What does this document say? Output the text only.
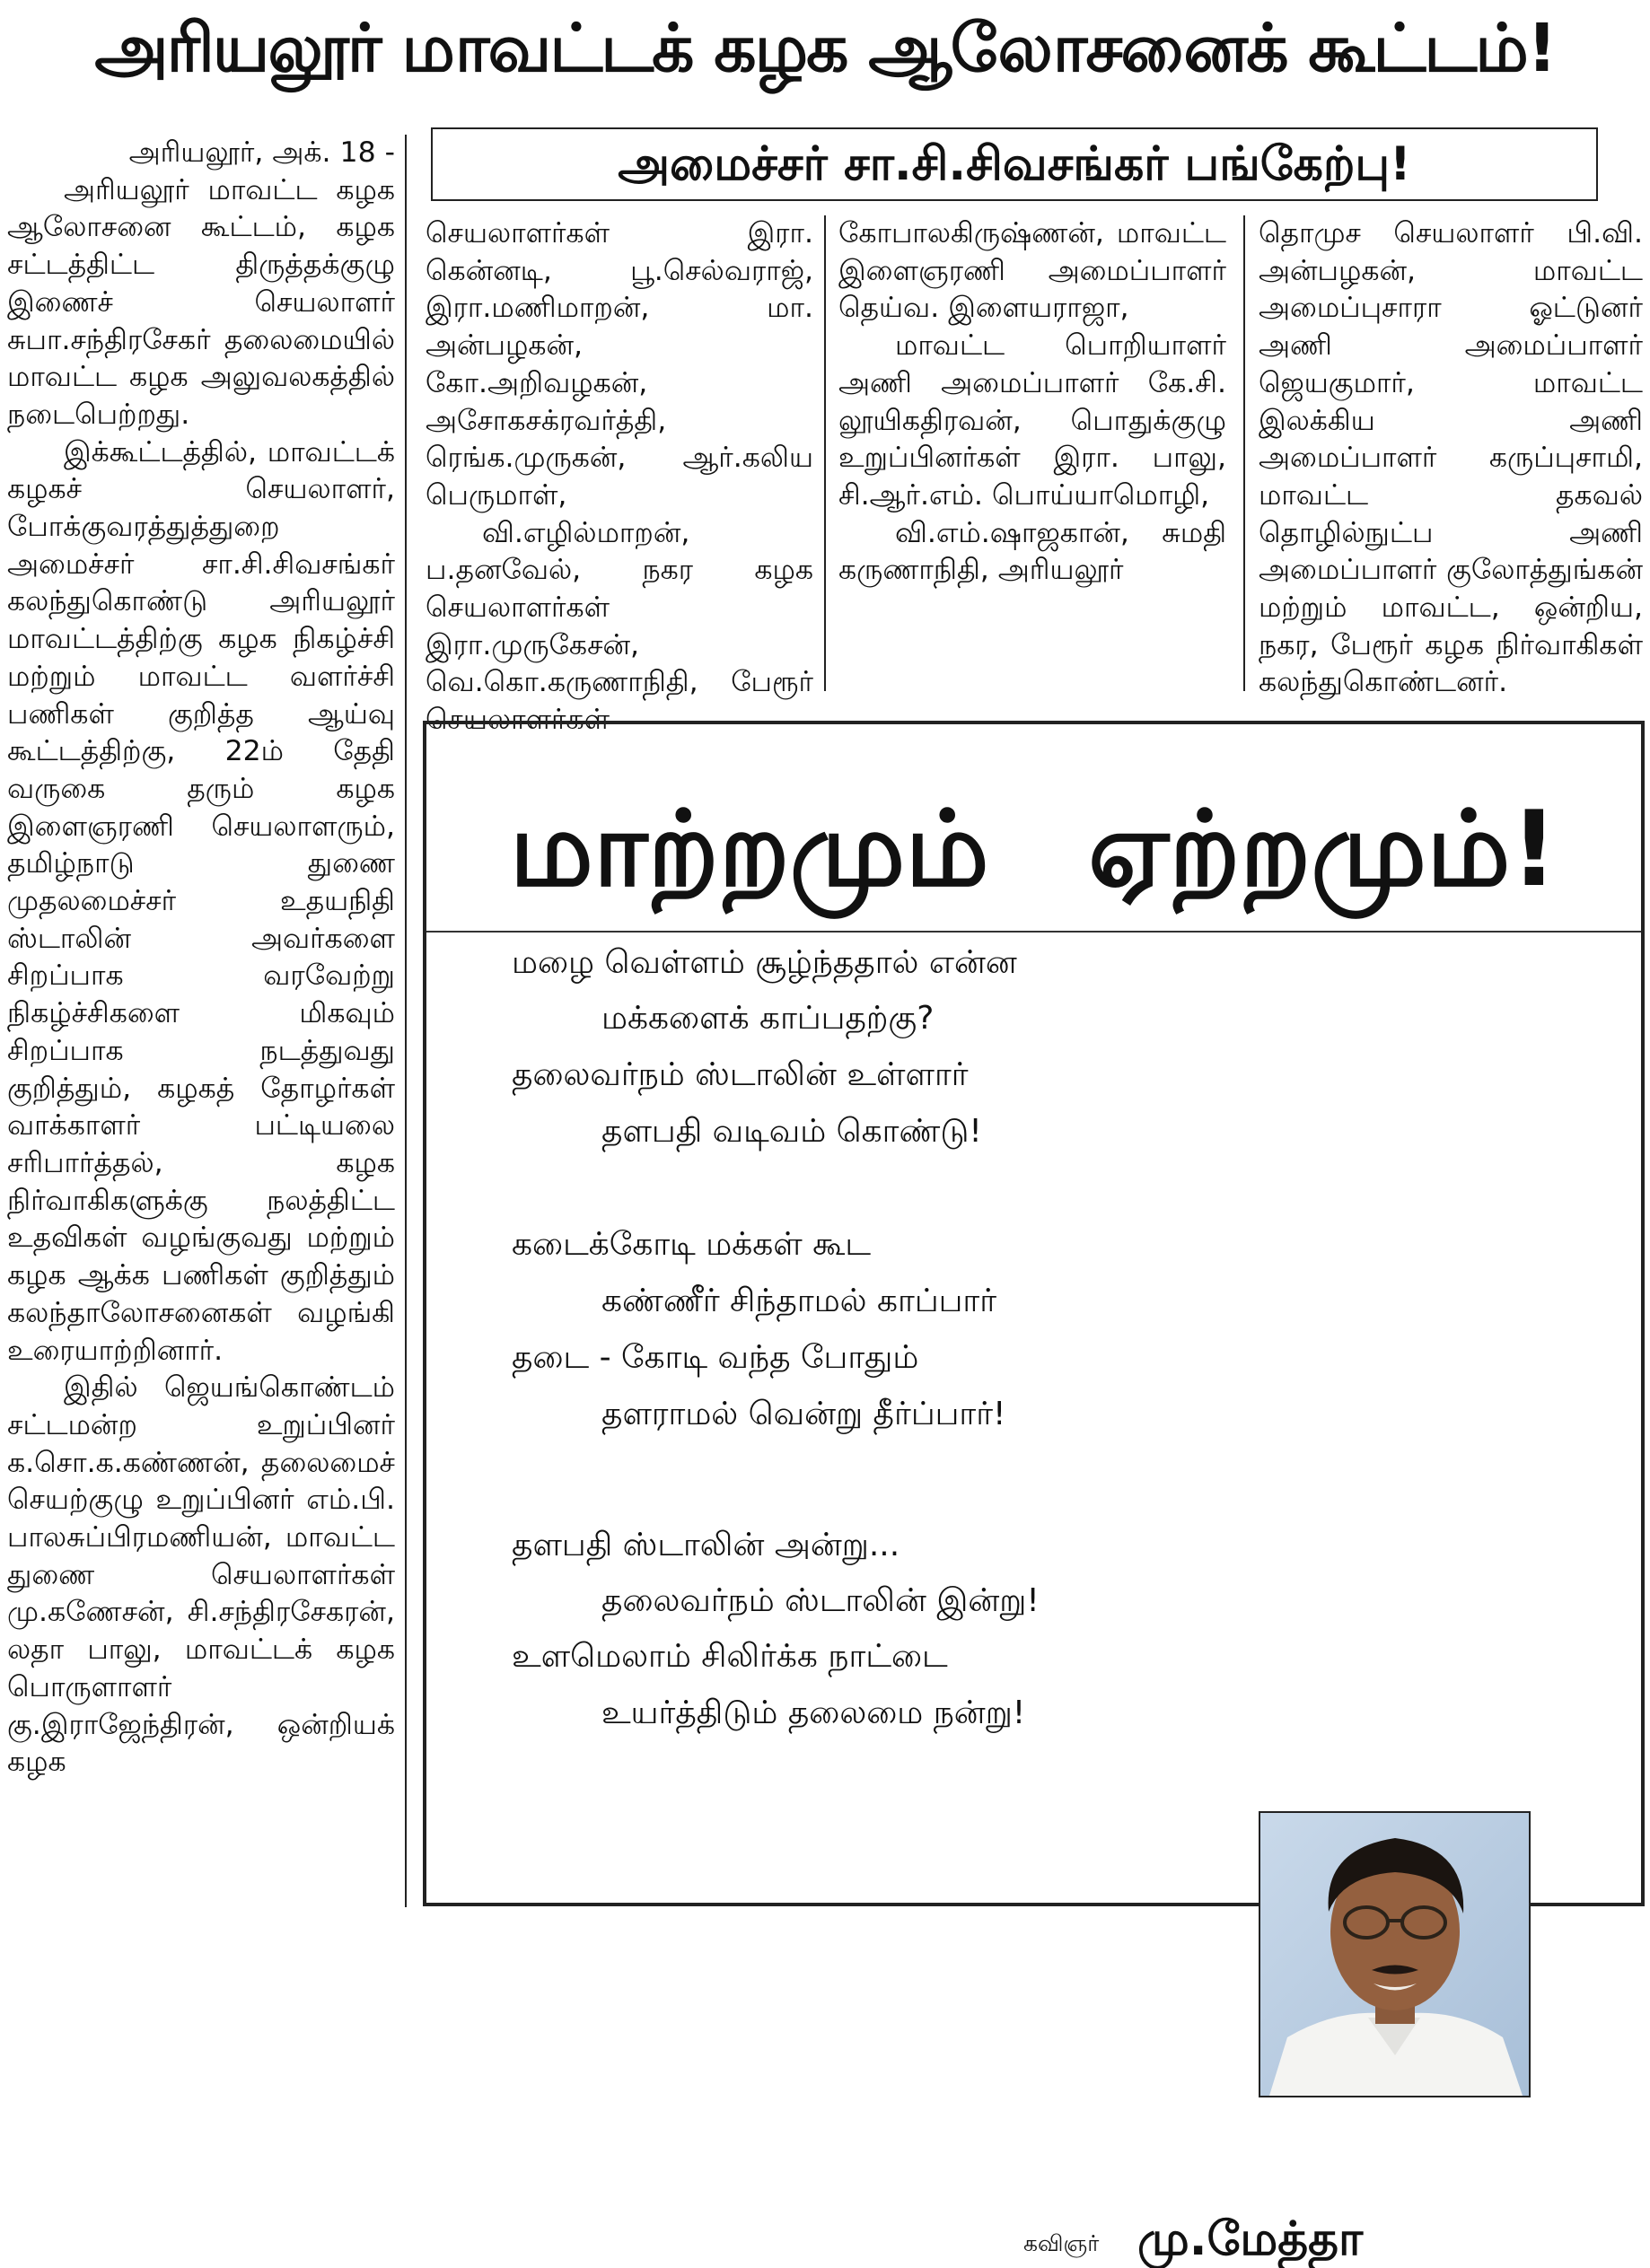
அரியலூர் மாவட்டக் கழக ஆலோசனைக் கூட்டம்!

அரியலூர், அக். 18 -

அரியலூர் மாவட்ட கழக ஆலோசனை கூட்டம், கழக சட்டத்திட்ட திருத்தக்குழு இணைச் செயலாளர் சுபா.சந்திரசேகர் தலைமையில் மாவட்ட கழக அலுவலகத்தில் நடைபெற்றது.

இக்கூட்டத்தில், மாவட்டக் கழகச் செயலாளர், போக்குவரத்துத்துறை அமைச்சர் சா.சி.சிவசங்கர் கலந்துகொண்டு அரியலூர் மாவட்டத்திற்கு கழக நிகழ்ச்சி மற்றும் மாவட்ட வளர்ச்சி பணிகள் குறித்த ஆய்வு கூட்டத்திற்கு, 22ம் தேதி வருகை தரும் கழக இளைஞரணி செயலாளரும், தமிழ்நாடு துணை முதலமைச்சர் உதயநிதி ஸ்டாலின் அவர்களை சிறப்பாக வரவேற்று நிகழ்ச்சிகளை மிகவும் சிறப்பாக நடத்துவது குறித்தும், கழகத் தோழர்கள் வாக்காளர் பட்டியலை சரிபார்த்தல், கழக நிர்வாகிகளுக்கு நலத்திட்ட உதவிகள் வழங்குவது மற்றும் கழக ஆக்க பணிகள் குறித்தும் கலந்தாலோசனைகள் வழங்கி உரையாற்றினார்.

இதில் ஜெயங்கொண்டம் சட்டமன்ற உறுப்பினர் க.சொ.க.கண்ணன், தலைமைச் செயற்குழு உறுப்பினர் எம்.பி. பாலசுப்பிரமணியன், மாவட்ட துணை செயலாளர்கள் மு.கணேசன், சி.சந்திரசேகரன், லதா பாலு, மாவட்டக் கழக பொருளாளர் கு.இராஜேந்திரன், ஒன்றியக் கழக

அமைச்சர் சா.சி.சிவசங்கர் பங்கேற்பு!

செயலாளர்கள் இரா. கென்னடி, பூ.செல்வராஜ், இரா.மணிமாறன், மா. அன்பழகன், கோ.அறிவழகன், அசோகசக்ரவர்த்தி, ரெங்க.முருகன், ஆர்.கலிய பெருமாள்,

வி.எழில்மாறன், ப.தனவேல், நகர கழக செயலாளர்கள் இரா.முருகேசன், வெ.கொ.கருணாநிதி, பேரூர் செயலாளர்கள்

கோபாலகிருஷ்ணன், மாவட்ட இளைஞரணி அமைப்பாளர் தெய்வ. இளையராஜா,

மாவட்ட பொறியாளர் அணி அமைப்பாளர் கே.சி. லூயிகதிரவன், பொதுக்குழு உறுப்பினர்கள் இரா. பாலு, சி.ஆர்.எம். பொய்யாமொழி,

வி.எம்.ஷாஜகான், சுமதி கருணாநிதி, அரியலூர்

தொமுச செயலாளர் பி.வி. அன்பழகன், மாவட்ட அமைப்புசாரா ஓட்டுனர் அணி அமைப்பாளர் ஜெயகுமார், மாவட்ட இலக்கிய அணி அமைப்பாளர் கருப்புசாமி, மாவட்ட தகவல் தொழில்நுட்ப அணி அமைப்பாளர் குலோத்துங்கன் மற்றும் மாவட்ட, ஒன்றிய, நகர, பேரூர் கழக நிர்வாகிகள் கலந்துகொண்டனர்.

மாற்றமும் ஏற்றமும்!
மழை வெள்ளம் சூழ்ந்ததால் என்ன
மக்களைக் காப்பதற்கு?
தலைவர்நம் ஸ்டாலின் உள்ளார்
தளபதி வடிவம் கொண்டு!
கடைக்கோடி மக்கள் கூட
கண்ணீர் சிந்தாமல் காப்பார்
தடை - கோடி வந்த போதும்
தளராமல் வென்று தீர்ப்பார்!
தளபதி ஸ்டாலின் அன்று...
தலைவர்நம் ஸ்டாலின் இன்று!
உளமெலாம் சிலிர்க்க நாட்டை
உயர்த்திடும் தலைமை நன்று!
கவிஞர் மு.மேத்தா
